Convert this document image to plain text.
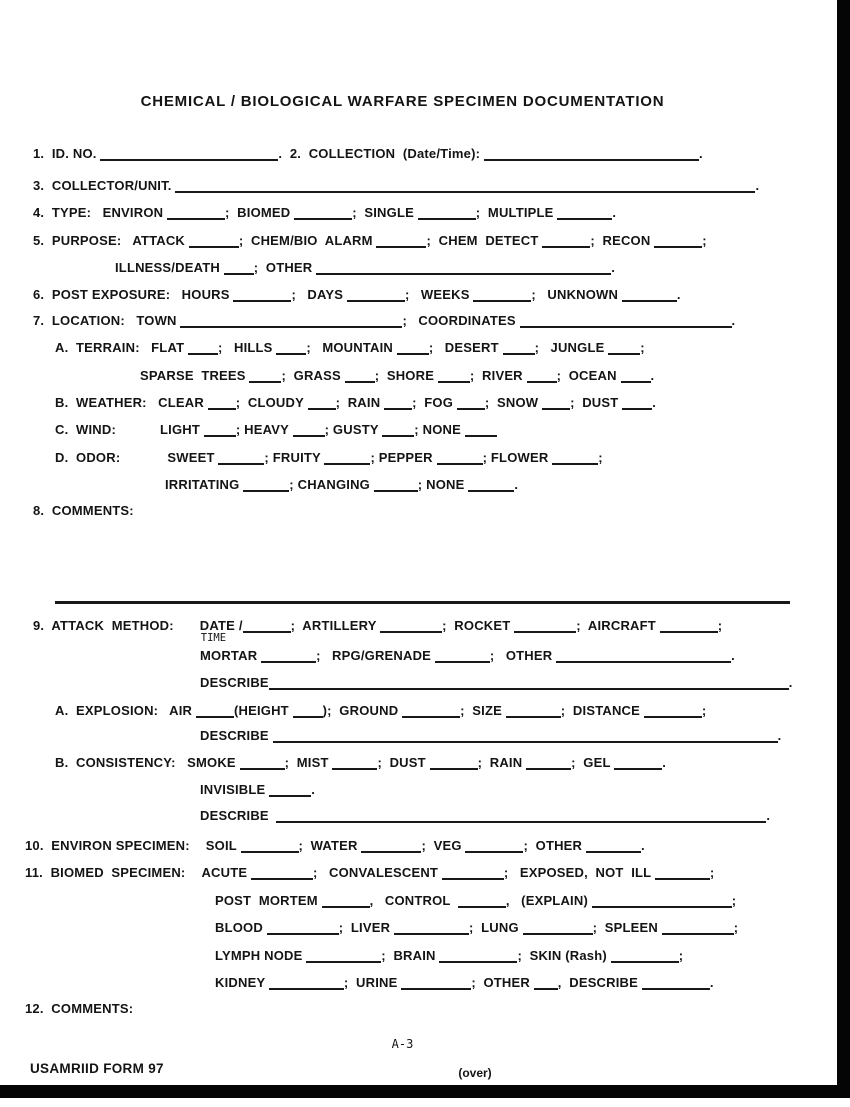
CHEMICAL / BIOLOGICAL WARFARE SPECIMEN DOCUMENTATION
1.  ID. NO.	.  2.  COLLECTION  (Date/Time):	.
3.  COLLECTOR/UNIT.	.
4.  TYPE:   ENVIRON	;  BIOMED	;  SINGLE	;  MULTIPLE	.
5.  PURPOSE:   ATTACK	;  CHEM/BIO  ALARM	;  CHEM  DETECT	;  RECON	;
ILLNESS/DEATH ;  OTHER	.
6.  POST EXPOSURE:   HOURS	;   DAYS	;   WEEKS	;   UNKNOWN	.
7.  LOCATION:   TOWN	;   COORDINATES	.
A.  TERRAIN:   FLAT ;   HILLS ;   MOUNTAIN ;   DESERT ;   JUNGLE ;
SPARSE  TREES ;  GRASS ;  SHORE ;  RIVER ;  OCEAN .
B.  WEATHER:   CLEAR ;  CLOUDY ;  RAIN ;  FOG ;  SNOW ;  DUST .
C.  WIND:	LIGHT ; HEAVY ; GUSTY ; NONE
D.  ODOR:	SWEET	; FRUITY	; PEPPER	; FLOWER	;
IRRITATING	; CHANGING	; NONE	.
8.  COMMENTS:
9.  ATTACK  METHOD: DATE /
TIME
;  ARTILLERY	;  ROCKET	;  AIRCRAFT	;
MORTAR	;   RPG/GRENADE	;   OTHER	.
DESCRIBE	.
A.  EXPLOSION:   AIR	(HEIGHT );  GROUND	;  SIZE	;  DISTANCE	;
DESCRIBE	.
B.  CONSISTENCY:   SMOKE	;  MIST	;  DUST	;  RAIN	;  GEL	.
INVISIBLE	.
DESCRIBE	.
10.  ENVIRON SPECIMEN: SOIL	;  WATER	;  VEG	;  OTHER	.
11.  BIOMED  SPECIMEN: ACUTE	;   CONVALESCENT	;   EXPOSED,  NOT  ILL	;
POST  MORTEM	,   CONTROL	,   (EXPLAIN)	;
BLOOD	;  LIVER	;  LUNG	;  SPLEEN	;
LYMPH NODE	;  BRAIN	;  SKIN (Rash)	;
KIDNEY	;  URINE	;  OTHER ,  DESCRIBE	.
12.  COMMENTS:
A-3
USAMRIID FORM 97	(over)
